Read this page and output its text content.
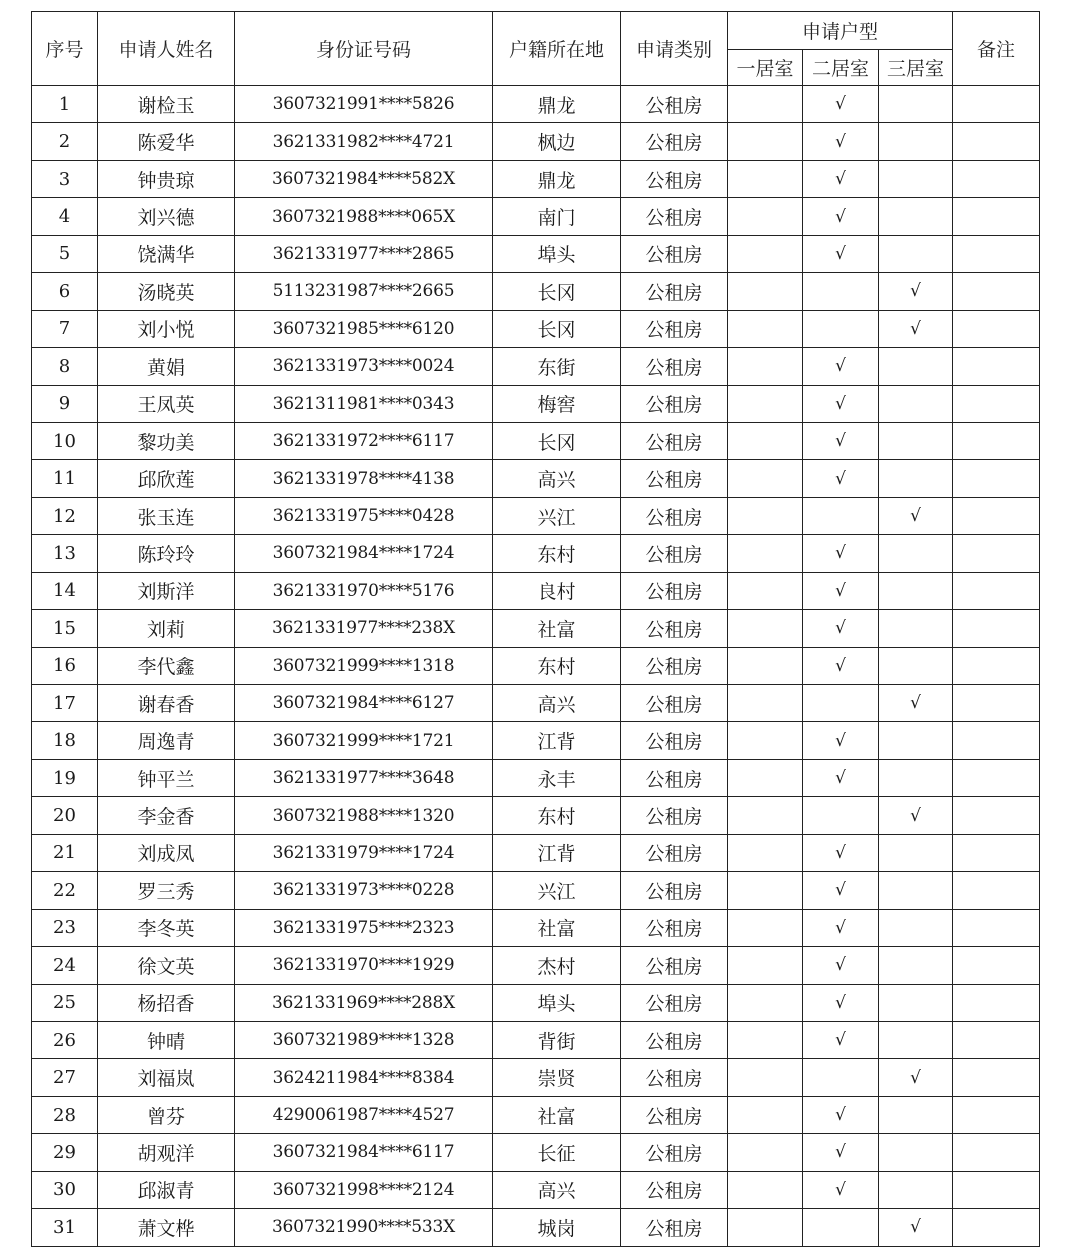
序号	申请人姓名	身份证号码	户籍所在地	申请类别	申请户型			备注
					一居室	二居室	三居室	
1	谢检玉	3607321991****5826	鼎龙	公租房		√		
2	陈爱华	3621331982****4721	枫边	公租房		√		
3	钟贵琼	3607321984****582X	鼎龙	公租房		√		
4	刘兴德	3607321988****065X	南门	公租房		√		
5	饶满华	3621331977****2865	埠头	公租房		√		
6	汤晓英	5113231987****2665	长冈	公租房			√	
7	刘小悦	3607321985****6120	长冈	公租房			√	
8	黄娟	3621331973****0024	东街	公租房		√		
9	王凤英	3621311981****0343	梅窖	公租房		√		
10	黎功美	3621331972****6117	长冈	公租房		√		
11	邱欣莲	3621331978****4138	高兴	公租房		√		
12	张玉连	3621331975****0428	兴江	公租房			√	
13	陈玲玲	3607321984****1724	东村	公租房		√		
14	刘斯洋	3621331970****5176	良村	公租房		√		
15	刘莉	3621331977****238X	社富	公租房		√		
16	李代鑫	3607321999****1318	东村	公租房		√		
17	谢春香	3607321984****6127	高兴	公租房			√	
18	周逸青	3607321999****1721	江背	公租房		√		
19	钟平兰	3621331977****3648	永丰	公租房		√		
20	李金香	3607321988****1320	东村	公租房			√	
21	刘成凤	3621331979****1724	江背	公租房		√		
22	罗三秀	3621331973****0228	兴江	公租房		√		
23	李冬英	3621331975****2323	社富	公租房		√		
24	徐文英	3621331970****1929	杰村	公租房		√		
25	杨招香	3621331969****288X	埠头	公租房		√		
26	钟晴	3607321989****1328	背街	公租房		√		
27	刘福岚	3624211984****8384	崇贤	公租房			√	
28	曾芬	4290061987****4527	社富	公租房		√		
29	胡观洋	3607321984****6117	长征	公租房		√		
30	邱淑青	3607321998****2124	高兴	公租房		√		
31	萧文桦	3607321990****533X	城岗	公租房			√	
